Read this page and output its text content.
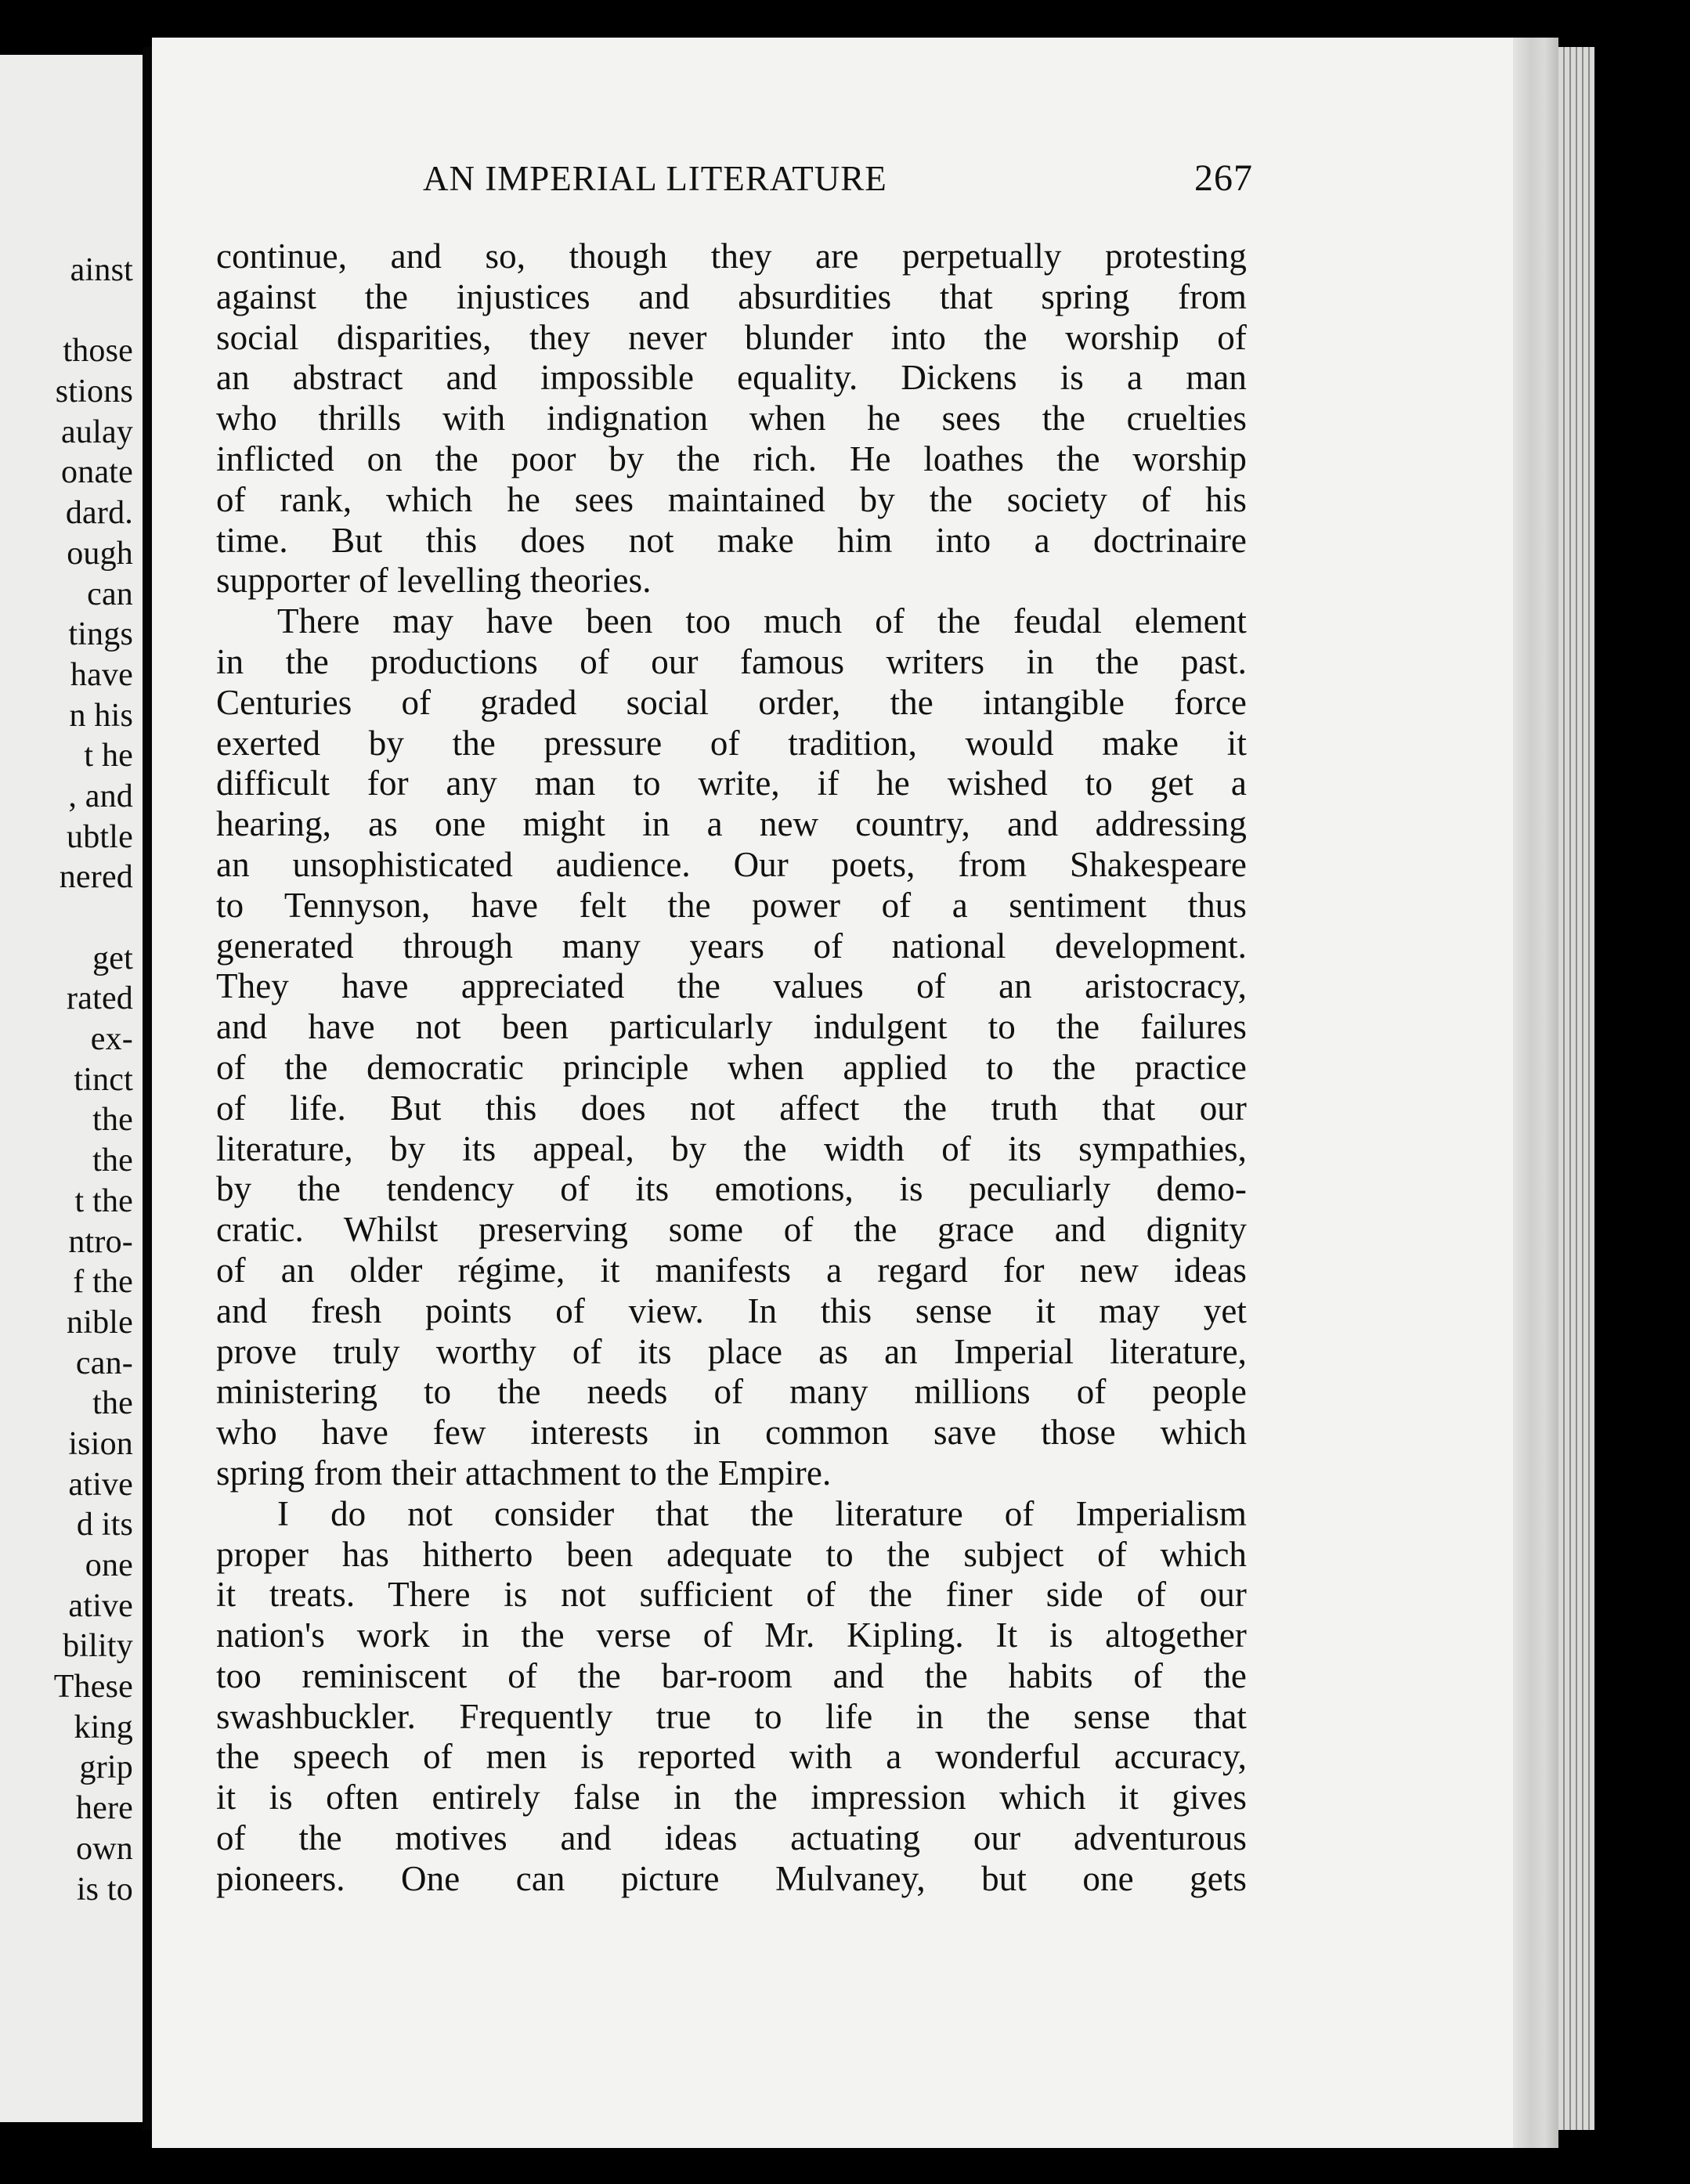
ainst
those
stions
aulay
onate
dard.
ough
can
tings
have
n his
t he
, and
ubtle
nered
get
rated
ex-
tinct
the
the
t the
ntro-
f the
nible
can-
the
ision
ative
d its
one
ative
bility
These
king
grip
here
own
is to
AN IMPERIAL LITERATURE	267
continue, and so, though they are perpetually protesting
against the injustices and absurdities that spring from
social disparities, they never blunder into the worship of
an abstract and impossible equality. Dickens is a man
who thrills with indignation when he sees the cruelties
inflicted on the poor by the rich. He loathes the worship
of rank, which he sees maintained by the society of his
time. But this does not make him into a doctrinaire
supporter of levelling theories.
There may have been too much of the feudal element
in the productions of our famous writers in the past.
Centuries of graded social order, the intangible force
exerted by the pressure of tradition, would make it
difficult for any man to write, if he wished to get a
hearing, as one might in a new country, and addressing
an unsophisticated audience. Our poets, from Shakespeare
to Tennyson, have felt the power of a sentiment thus
generated through many years of national development.
They have appreciated the values of an aristocracy,
and have not been particularly indulgent to the failures
of the democratic principle when applied to the practice
of life. But this does not affect the truth that our
literature, by its appeal, by the width of its sympathies,
by the tendency of its emotions, is peculiarly demo-
cratic. Whilst preserving some of the grace and dignity
of an older régime, it manifests a regard for new ideas
and fresh points of view. In this sense it may yet
prove truly worthy of its place as an Imperial literature,
ministering to the needs of many millions of people
who have few interests in common save those which
spring from their attachment to the Empire.
I do not consider that the literature of Imperialism
proper has hitherto been adequate to the subject of which
it treats. There is not sufficient of the finer side of our
nation's work in the verse of Mr. Kipling. It is altogether
too reminiscent of the bar-room and the habits of the
swashbuckler. Frequently true to life in the sense that
the speech of men is reported with a wonderful accuracy,
it is often entirely false in the impression which it gives
of the motives and ideas actuating our adventurous
pioneers. One can picture Mulvaney, but one gets
